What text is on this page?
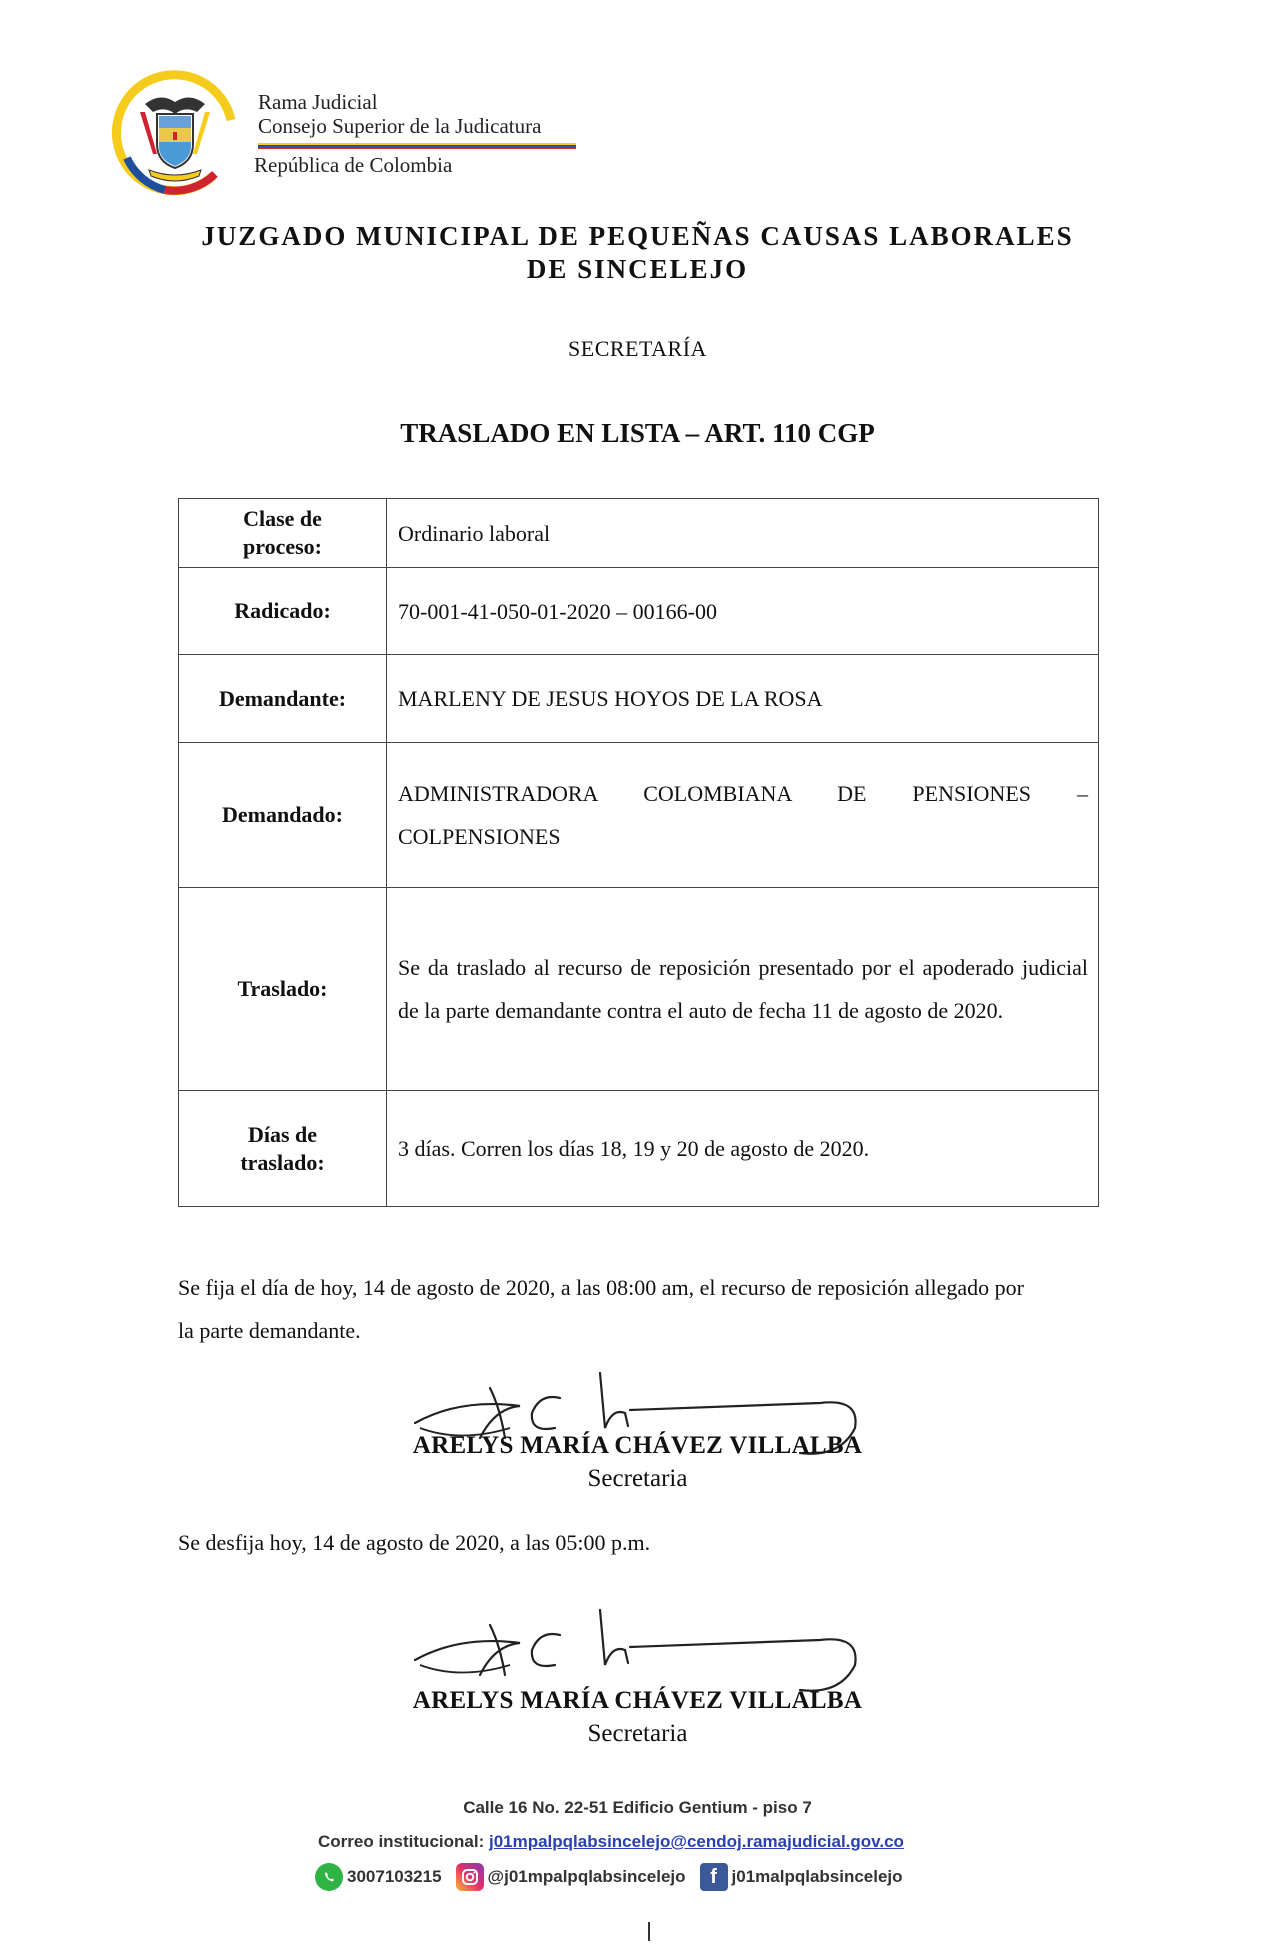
Rama Judicial
Consejo Superior de la Judicatura
República de Colombia
JUZGADO MUNICIPAL DE PEQUEÑAS CAUSAS LABORALES
DE SINCELEJO
SECRETARÍA
TRASLADO EN LISTA – ART. 110 CGP
Clase de
proceso:	Ordinario laboral
Radicado:	70-001-41-050-01-2020 – 00166-00
Demandante:	MARLENY DE JESUS HOYOS DE LA ROSA
Demandado:	ADMINISTRADORA COLOMBIANA DE PENSIONES –
COLPENSIONES

Traslado:	Se da traslado al recurso de reposición presentado por el apoderado judicial de la parte demandante contra el auto de fecha 11 de agosto de 2020.

Días de
traslado:	3 días. Corren los días 18, 19 y 20 de agosto de 2020.
Se fija el día de hoy, 14 de agosto de 2020, a las 08:00 am, el recurso de reposición allegado por la parte demandante.
ARELYS MARÍA CHÁVEZ VILLALBA
Secretaria
Se desfija hoy, 14 de agosto de 2020, a las 05:00 p.m.
ARELYS MARÍA CHÁVEZ VILLALBA
Secretaria
Calle 16 No. 22-51 Edificio Gentium - piso 7
Correo institucional: j01mpalpqlabsincelejo@cendoj.ramajudicial.gov.co
3007103215	@j01mpalpqlabsincelejo	f j01malpqlabsincelejo
